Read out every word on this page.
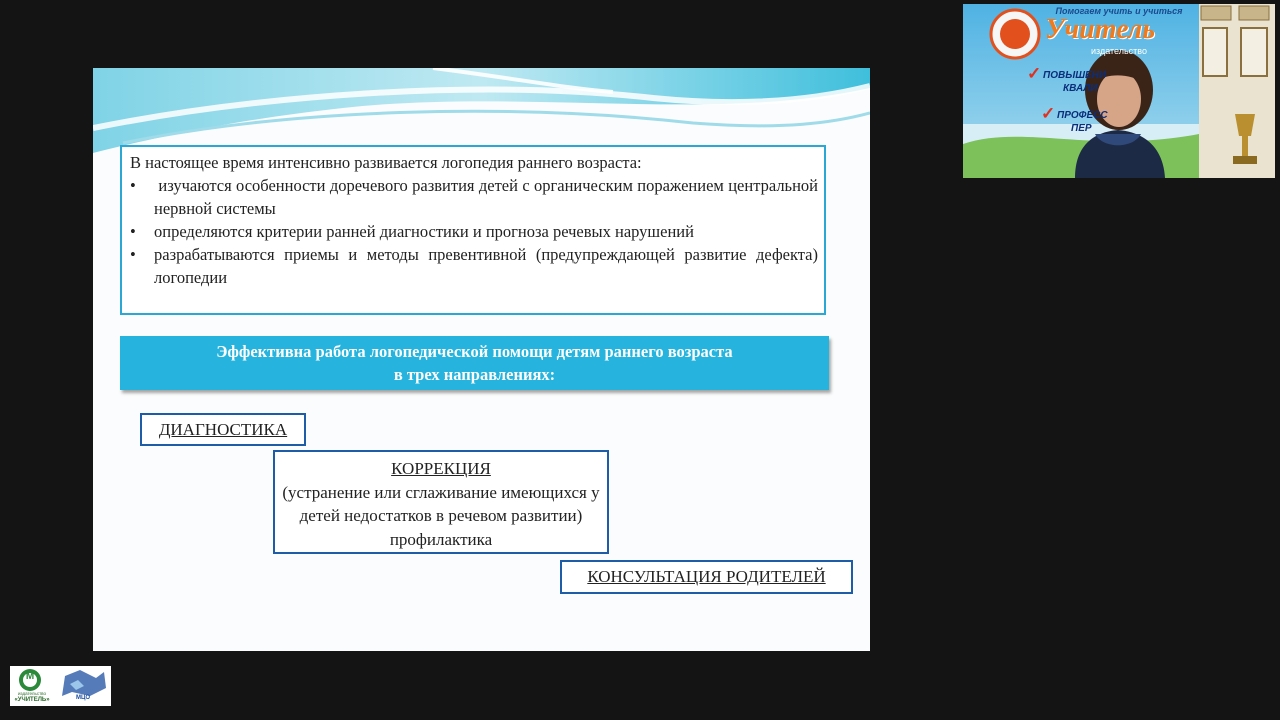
В настоящее время интенсивно развивается логопедия раннего возраста:
• изучаются особенности доречевого развития детей с органическим поражением центральной нервной системы
• определяются критерии ранней диагностики и прогноза речевых нарушений
• разрабатываются приемы и методы превентивной (предупреждающей развитие дефекта) логопедии
Эффективна работа логопедической помощи детям раннего возраста
в трех направлениях:
ДИАГНОСТИКА
КОРРЕКЦИЯ
(устранение или сглаживание имеющихся у детей недостатков в речевом развитии) профилактика
КОНСУЛЬТАЦИЯ РОДИТЕЛЕЙ
Помогаем учить и учиться
Учитель
издательство
✓ ПОВЫШЕНИ
КВАЛИ
✓ ПРОФЕСС
ПЕР
М
издательство
«УЧИТЕЛЬ»	МЦО
